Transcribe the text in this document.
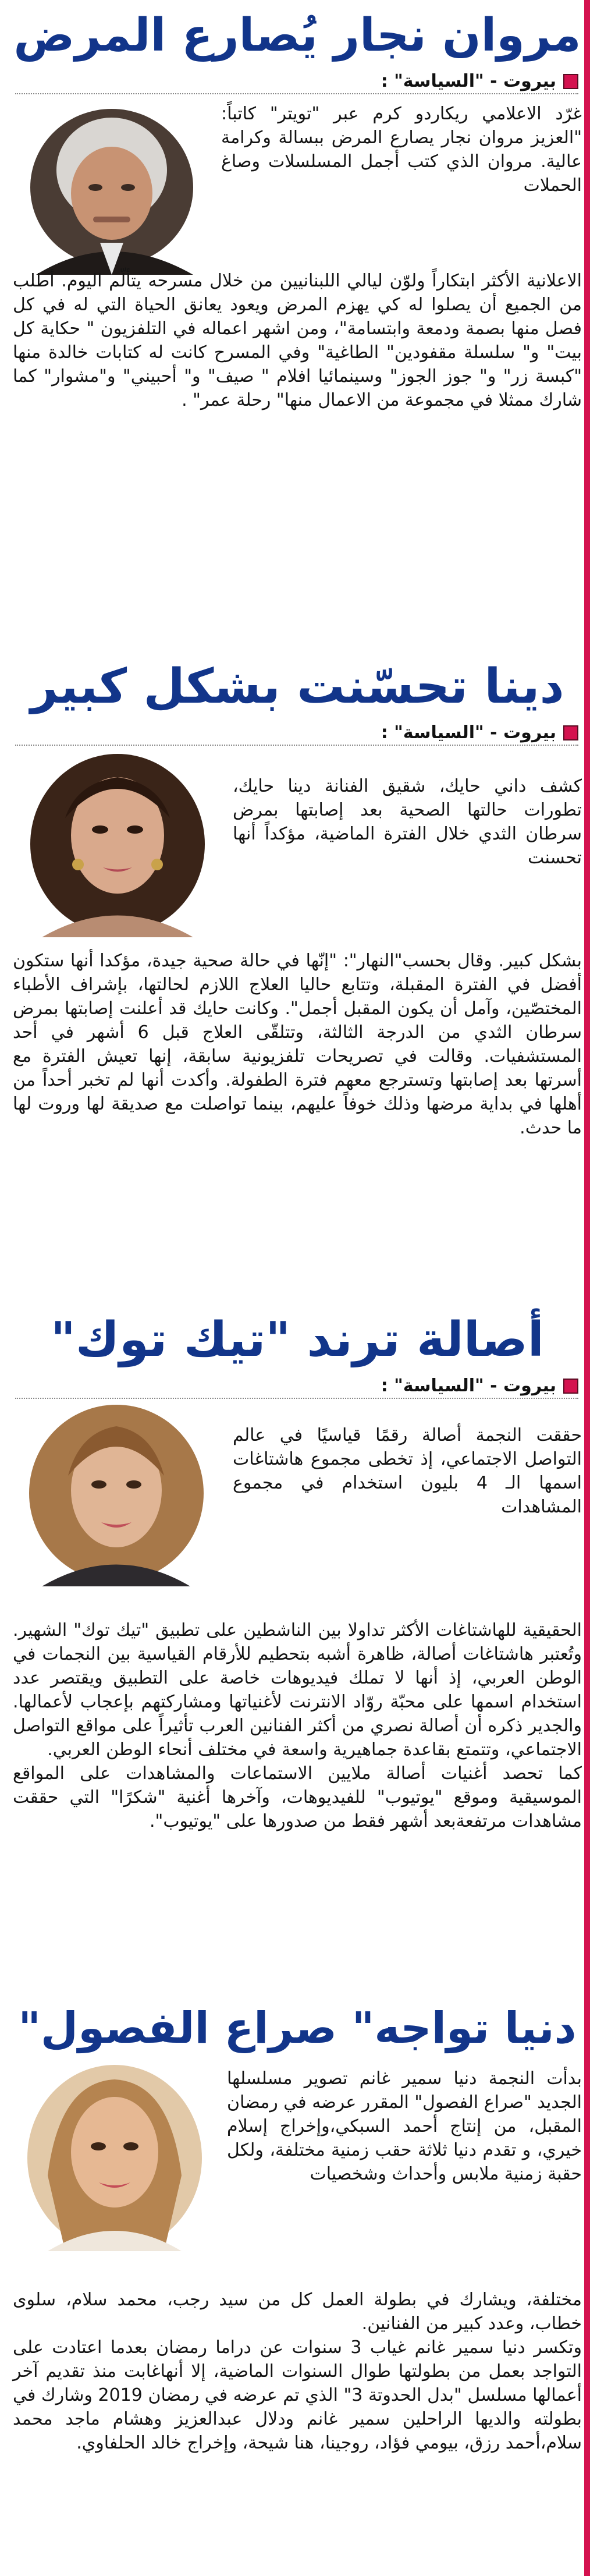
مروان نجار يُصارع المرض
بيروت - "السياسة" :
غرّد الاعلامي ريكاردو كرم عبر "تويتر" كاتباً: "العزيز مروان نجار يصارع المرض ببسالة وكرامة عالية. مروان الذي كتب أجمل المسلسلات وصاغ الحملات
الاعلانية الأكثر ابتكاراً ولوّن ليالي اللبنانيين من خلال مسرحه يتألّم اليوم. أطلب من الجميع أن يصلوا له كي يهزم المرض ويعود يعانق الحياة التي له في كل فصل منها بصمة ودمعة وابتسامة"، ومن اشهر اعماله في التلفزيون " حكاية كل بيت" و" سلسلة مقفودين" الطاغية" وفي المسرح كانت له كتابات خالدة منها "كبسة زر" و" جوز الجوز" وسينمائيا افلام " صيف" و" أحبيني" و"مشوار" كما شارك ممثلا في مجموعة من الاعمال منها" رحلة عمر" .
دينا تحسّنت بشكل كبير
بيروت - "السياسة" :
كشف داني حايك، شقيق الفنانة دينا حايك، تطورات حالتها الصحية بعد إصابتها بمرض سرطان الثدي خلال الفترة الماضية، مؤكداً أنها تحسنت
بشكل كبير. وقال بحسب"النهار": "إنّها في حالة صحية جيدة، مؤكدا أنها ستكون أفضل في الفترة المقبلة، وتتابع حاليا العلاج اللازم لحالتها، بإشراف الأطباء المختصّين، وآمل أن يكون المقبل أجمل". وكانت حايك قد أعلنت إصابتها بمرض سرطان الثدي من الدرجة الثالثة، وتتلقّى العلاج قبل 6 أشهر في أحد المستشفيات. وقالت في تصريحات تلفزيونية سابقة، إنها تعيش الفترة مع أسرتها بعد إصابتها وتسترجع معهم فترة الطفولة. وأكدت أنها لم تخبر أحداً من أهلها في بداية مرضها وذلك خوفاً عليهم، بينما تواصلت مع صديقة لها وروت لها ما حدث.
أصالة ترند "تيك توك"
بيروت - "السياسة" :
حققت النجمة أصالة رقمًا قياسيًا في عالم التواصل الاجتماعي، إذ تخطى مجموع هاشتاغات اسمها الـ 4 بليون استخدام في مجموع المشاهدات
الحقيقية للهاشتاغات الأكثر تداولا بين الناشطين على تطبيق "تيك توك" الشهير. وتُعتبر هاشتاغات أصالة، ظاهرة أشبه بتحطيم للأرقام القياسية بين النجمات في الوطن العربي، إذ أنها لا تملك فيديوهات خاصة على التطبيق ويقتصر عدد استخدام اسمها على محبّة روّاد الانترنت لأغنياتها ومشاركتهم بإعجاب لأعمالها. والجدير ذكره أن أصالة نصري من أكثر الفنانين العرب تأثيراً على مواقع التواصل الاجتماعي، وتتمتع بقاعدة جماهيرية واسعة في مختلف أنحاء الوطن العربي.
كما تحصد أغنيات أصالة ملايين الاستماعات والمشاهدات على المواقع الموسيقية وموقع "يوتيوب" للفيديوهات، وآخرها أغنية "شكرًا" التي حققت مشاهدات مرتفعةبعد أشهر فقط من صدورها على "يوتيوب".
دنيا تواجه" صراع الفصول"
بدأت النجمة دنيا سمير غانم تصوير مسلسلها الجديد "صراع الفصول" المقرر عرضه في رمضان المقبل، من إنتاج أحمد السبكي،وإخراج إسلام خيري، و تقدم دنيا ثلاثة حقب زمنية مختلفة، ولكل حقبة زمنية ملابس وأحداث وشخصيات
مختلفة، ويشارك في بطولة العمل كل من سيد رجب، محمد سلام، سلوى خطاب، وعدد كبير من الفنانين.
وتكسر دنيا سمير غانم غياب 3 سنوات عن دراما رمضان بعدما اعتادت على التواجد بعمل من بطولتها طوال السنوات الماضية، إلا أنهاغابت منذ تقديم آخر أعمالها مسلسل "بدل الحدوتة 3" الذي تم عرضه في رمضان 2019 وشارك في بطولته والديها الراحلين سمير غانم ودلال عبدالعزيز وهشام ماجد محمد سلام،أحمد رزق، بيومي فؤاد، روجينا، هنا شيحة، وإخراج خالد الحلفاوي.
